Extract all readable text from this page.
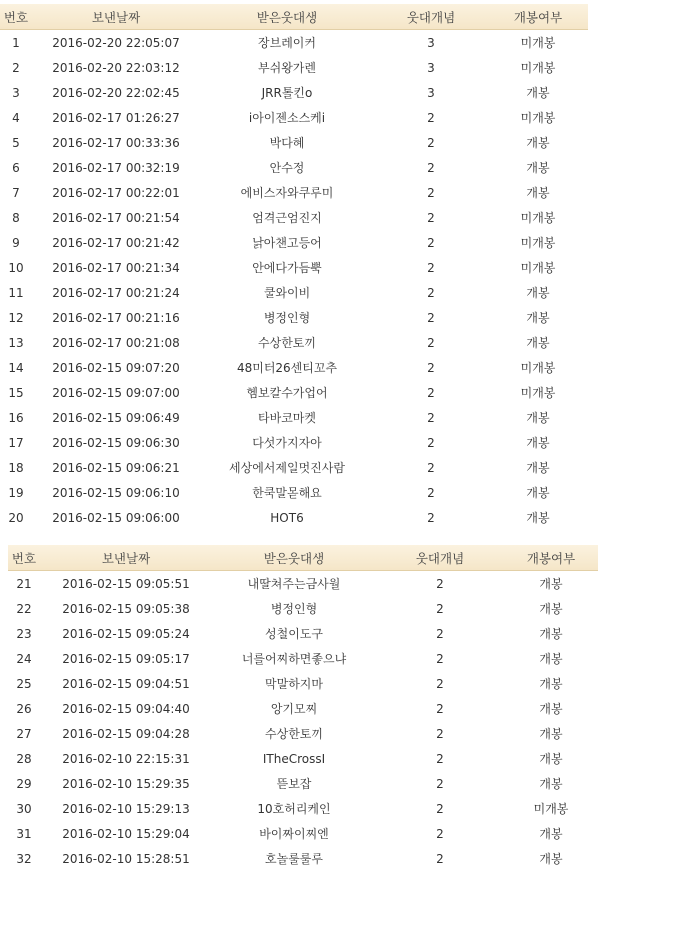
번호	보낸날짜	받은웃대생	웃대개념	개봉여부
1	2016-02-20 22:05:07	장브레이커	3	미개봉
2	2016-02-20 22:03:12	부쉬왕가렌	3	미개봉
3	2016-02-20 22:02:45	JRR톨킨o	3	개봉
4	2016-02-17 01:26:27	i아이젠소스케i	2	미개봉
5	2016-02-17 00:33:36	박다혜	2	개봉
6	2016-02-17 00:32:19	안수정	2	개봉
7	2016-02-17 00:22:01	에비스자와쿠루미	2	개봉
8	2016-02-17 00:21:54	엄격근엄진지	2	미개봉
9	2016-02-17 00:21:42	낡아챈고등어	2	미개봉
10	2016-02-17 00:21:34	안에다가듬뿍	2	미개봉
11	2016-02-17 00:21:24	쿨와이비	2	개봉
12	2016-02-17 00:21:16	병정인형	2	개봉
13	2016-02-17 00:21:08	수상한토끼	2	개봉
14	2016-02-15 09:07:20	48미터26센티꼬추	2	미개봉
15	2016-02-15 09:07:00	헴보칼수가업어	2	미개봉
16	2016-02-15 09:06:49	타바코마켓	2	개봉
17	2016-02-15 09:06:30	다섯가지자아	2	개봉
18	2016-02-15 09:06:21	세상에서제일멋진사람	2	개봉
19	2016-02-15 09:06:10	한쿡말몯해요	2	개봉
20	2016-02-15 09:06:00	HOT6	2	개봉
번호	보낸날짜	받은웃대생	웃대개념	개봉여부
21	2016-02-15 09:05:51	내딸쳐주는금사월	2	개봉
22	2016-02-15 09:05:38	병정인형	2	개봉
23	2016-02-15 09:05:24	성철이도구	2	개봉
24	2016-02-15 09:05:17	너를어찌하면좋으냐	2	개봉
25	2016-02-15 09:04:51	막말하지마	2	개봉
26	2016-02-15 09:04:40	앙기모찌	2	개봉
27	2016-02-15 09:04:28	수상한토끼	2	개봉
28	2016-02-10 22:15:31	ITheCrossI	2	개봉
29	2016-02-10 15:29:35	뜯보잡	2	개봉
30	2016-02-10 15:29:13	10호허리케인	2	미개봉
31	2016-02-10 15:29:04	바이짜이찌엔	2	개봉
32	2016-02-10 15:28:51	호놀룰룰루	2	개봉
